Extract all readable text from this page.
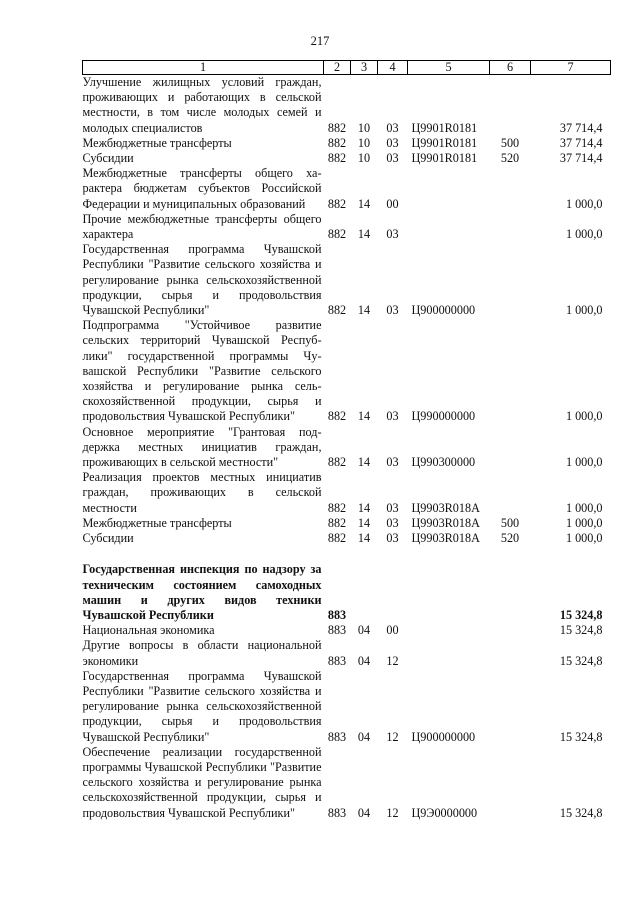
217
1	2	3	4	5	6	7
Улучшение жилищных условий граждан, проживающих и работающих в сельской местности, в том числе молодых семей и молодых специалистов	882	10	03	Ц9901R0181		37 714,4
Межбюджетные трансферты	882	10	03	Ц9901R0181	500	37 714,4
Субсидии	882	10	03	Ц9901R0181	520	37 714,4
Межбюджетные трансферты общего характера бюджетам субъектов Российской Федерации и муниципальных образований	882	14	00			1 000,0
Прочие межбюджетные трансферты общего характера	882	14	03			1 000,0
Государственная программа Чувашской Республики "Развитие сельского хозяйства и регулирование рынка сельскохозяйственной продукции, сырья и продовольствия Чувашской Республики"	882	14	03	Ц900000000		1 000,0
Подпрограмма "Устойчивое развитие сельских территорий Чувашской Республики" государственной программы Чувашской Республики "Развитие сельского хозяйства и регулирование рынка сельскохозяйственной продукции, сырья и продовольствия Чувашской Республики"	882	14	03	Ц990000000		1 000,0
Основное мероприятие "Грантовая поддержка местных инициатив граждан, проживающих в сельской местности"	882	14	03	Ц990300000		1 000,0
Реализация проектов местных инициатив граждан, проживающих в сельской местности	882	14	03	Ц9903R018A		1 000,0
Межбюджетные трансферты	882	14	03	Ц9903R018A	500	1 000,0
Субсидии	882	14	03	Ц9903R018A	520	1 000,0

Государственная инспекция по надзору за техническим состоянием самоходных машин и других видов техники Чувашской Республики	883					15 324,8
Национальная экономика	883	04	00			15 324,8
Другие вопросы в области национальной экономики	883	04	12			15 324,8
Государственная программа Чувашской Республики "Развитие сельского хозяйства и регулирование рынка сельскохозяйственной продукции, сырья и продовольствия Чувашской Республики"	883	04	12	Ц900000000		15 324,8
Обеспечение реализации государственной программы Чувашской Республики "Развитие сельского хозяйства и регулирование рынка сельскохозяйственной продукции, сырья и продовольствия Чувашской Республики"	883	04	12	Ц9Э0000000		15 324,8
